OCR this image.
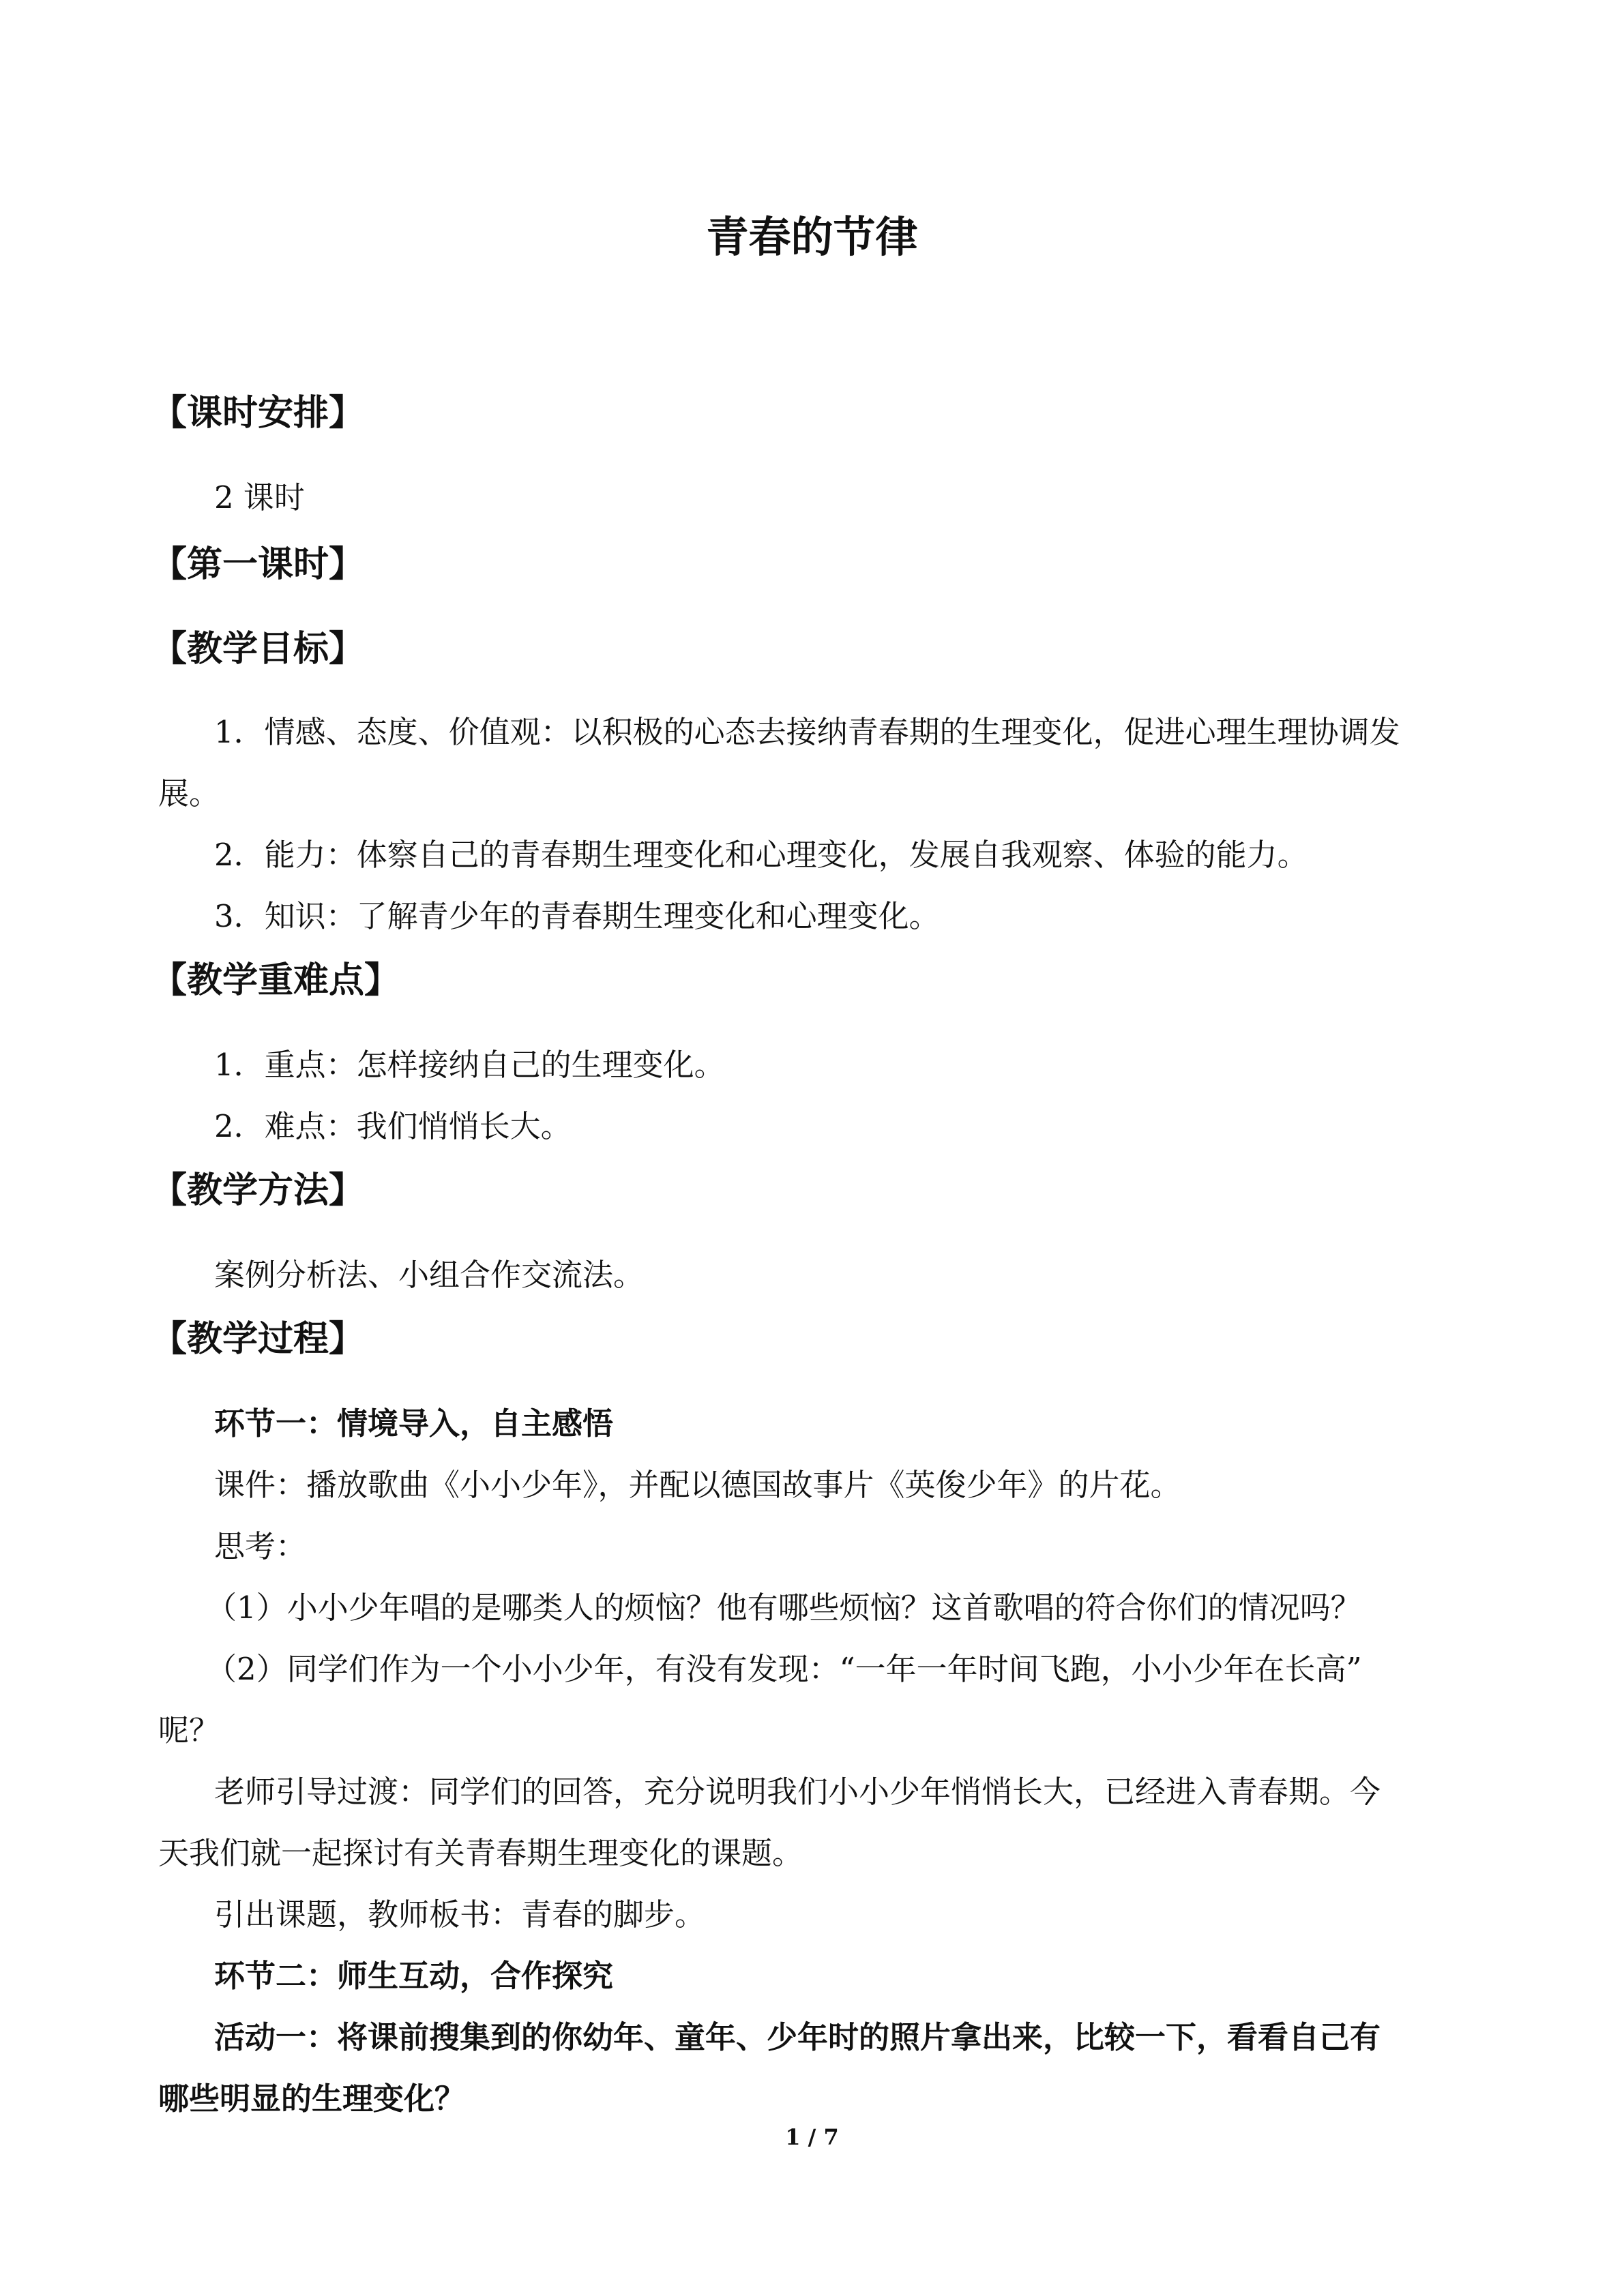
青春的节律
【课时安排】
2 课时
【第一课时】
【教学目标】
1．情感、态度、价值观：以积极的心态去接纳青春期的生理变化，促进心理生理协调发
展。
2．能力：体察自己的青春期生理变化和心理变化，发展自我观察、体验的能力。
3．知识：了解青少年的青春期生理变化和心理变化。
【教学重难点】
1．重点：怎样接纳自己的生理变化。
2．难点：我们悄悄长大。
【教学方法】
案例分析法、小组合作交流法。
【教学过程】
环节一：情境导入，自主感悟
课件：播放歌曲《小小少年》，并配以德国故事片《英俊少年》的片花。
思考：
（1）小小少年唱的是哪类人的烦恼？他有哪些烦恼？这首歌唱的符合你们的情况吗？
（2）同学们作为一个小小少年，有没有发现：“一年一年时间飞跑，小小少年在长高”
呢？
老师引导过渡：同学们的回答，充分说明我们小小少年悄悄长大，已经进入青春期。今
天我们就一起探讨有关青春期生理变化的课题。
引出课题，教师板书：青春的脚步。
环节二：师生互动，合作探究
活动一：将课前搜集到的你幼年、童年、少年时的照片拿出来，比较一下，看看自己有
哪些明显的生理变化？
1 / 7
